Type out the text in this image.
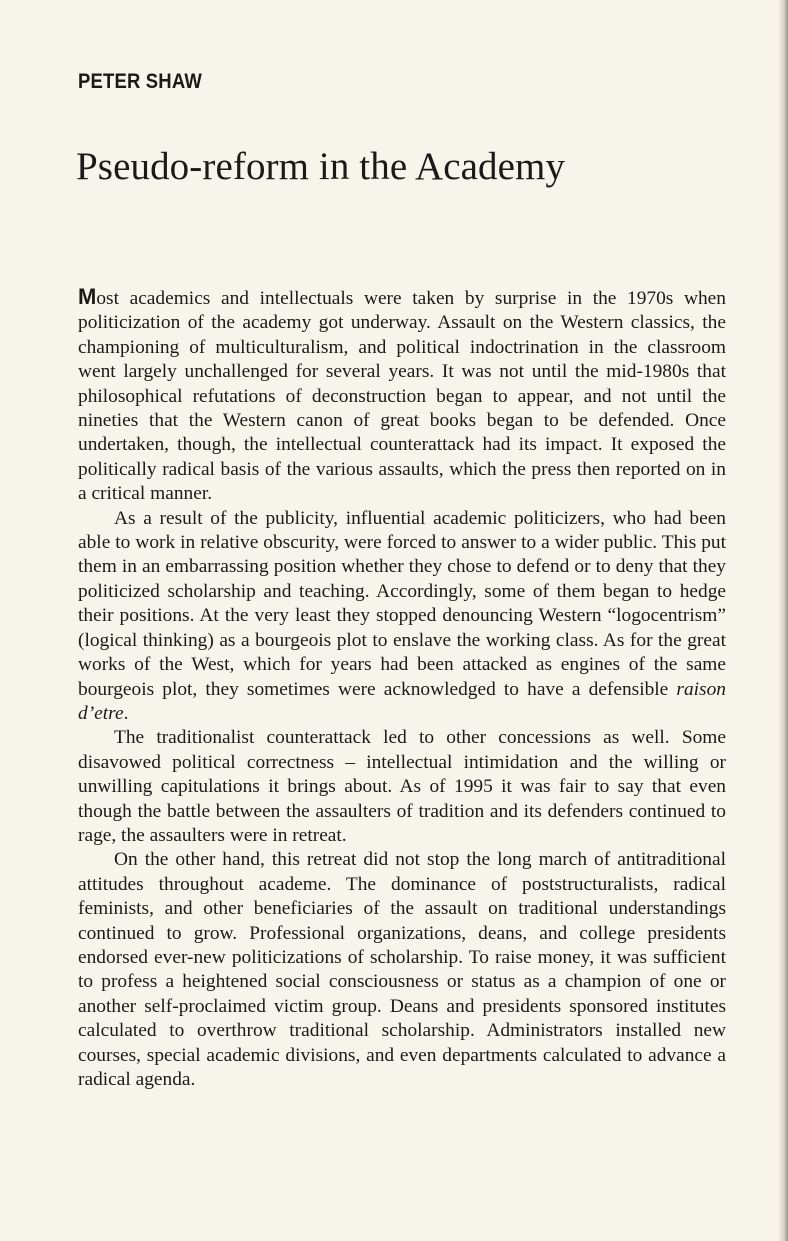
PETER SHAW
Pseudo-reform in the Academy

Most academics and intellectuals were taken by surprise in the 1970s when politicization of the academy got underway. Assault on the Western classics, the championing of multiculturalism, and political indoctrination in the classroom went largely unchallenged for several years. It was not until the mid-1980s that philosophical refutations of deconstruction began to appear, and not until the nineties that the Western canon of great books began to be defended. Once undertaken, though, the intellectual counterattack had its impact. It exposed the politically radical basis of the various assaults, which the press then reported on in a critical manner.

As a result of the publicity, influential academic politicizers, who had been able to work in relative obscurity, were forced to answer to a wider public. This put them in an embarrassing position whether they chose to defend or to deny that they politicized scholarship and teaching. Accordingly, some of them began to hedge their positions. At the very least they stopped denouncing Western “logocentrism” (logical thinking) as a bourgeois plot to enslave the working class. As for the great works of the West, which for years had been attacked as engines of the same bourgeois plot, they sometimes were acknowledged to have a defensible raison d’etre.

The traditionalist counterattack led to other concessions as well. Some disavowed political correctness – intellectual intimidation and the willing or unwilling capitulations it brings about. As of 1995 it was fair to say that even though the battle between the assaulters of tradition and its defenders continued to rage, the assaulters were in retreat.

On the other hand, this retreat did not stop the long march of antitraditional attitudes throughout academe. The dominance of poststructuralists, radical feminists, and other beneficiaries of the assault on traditional understandings continued to grow. Professional organizations, deans, and college presidents endorsed ever-new politicizations of scholarship. To raise money, it was sufficient to profess a heightened social consciousness or status as a champion of one or another self-proclaimed victim group. Deans and presidents sponsored institutes calculated to overthrow traditional scholarship. Administrators installed new courses, special academic divisions, and even departments calculated to advance a radical agenda.
